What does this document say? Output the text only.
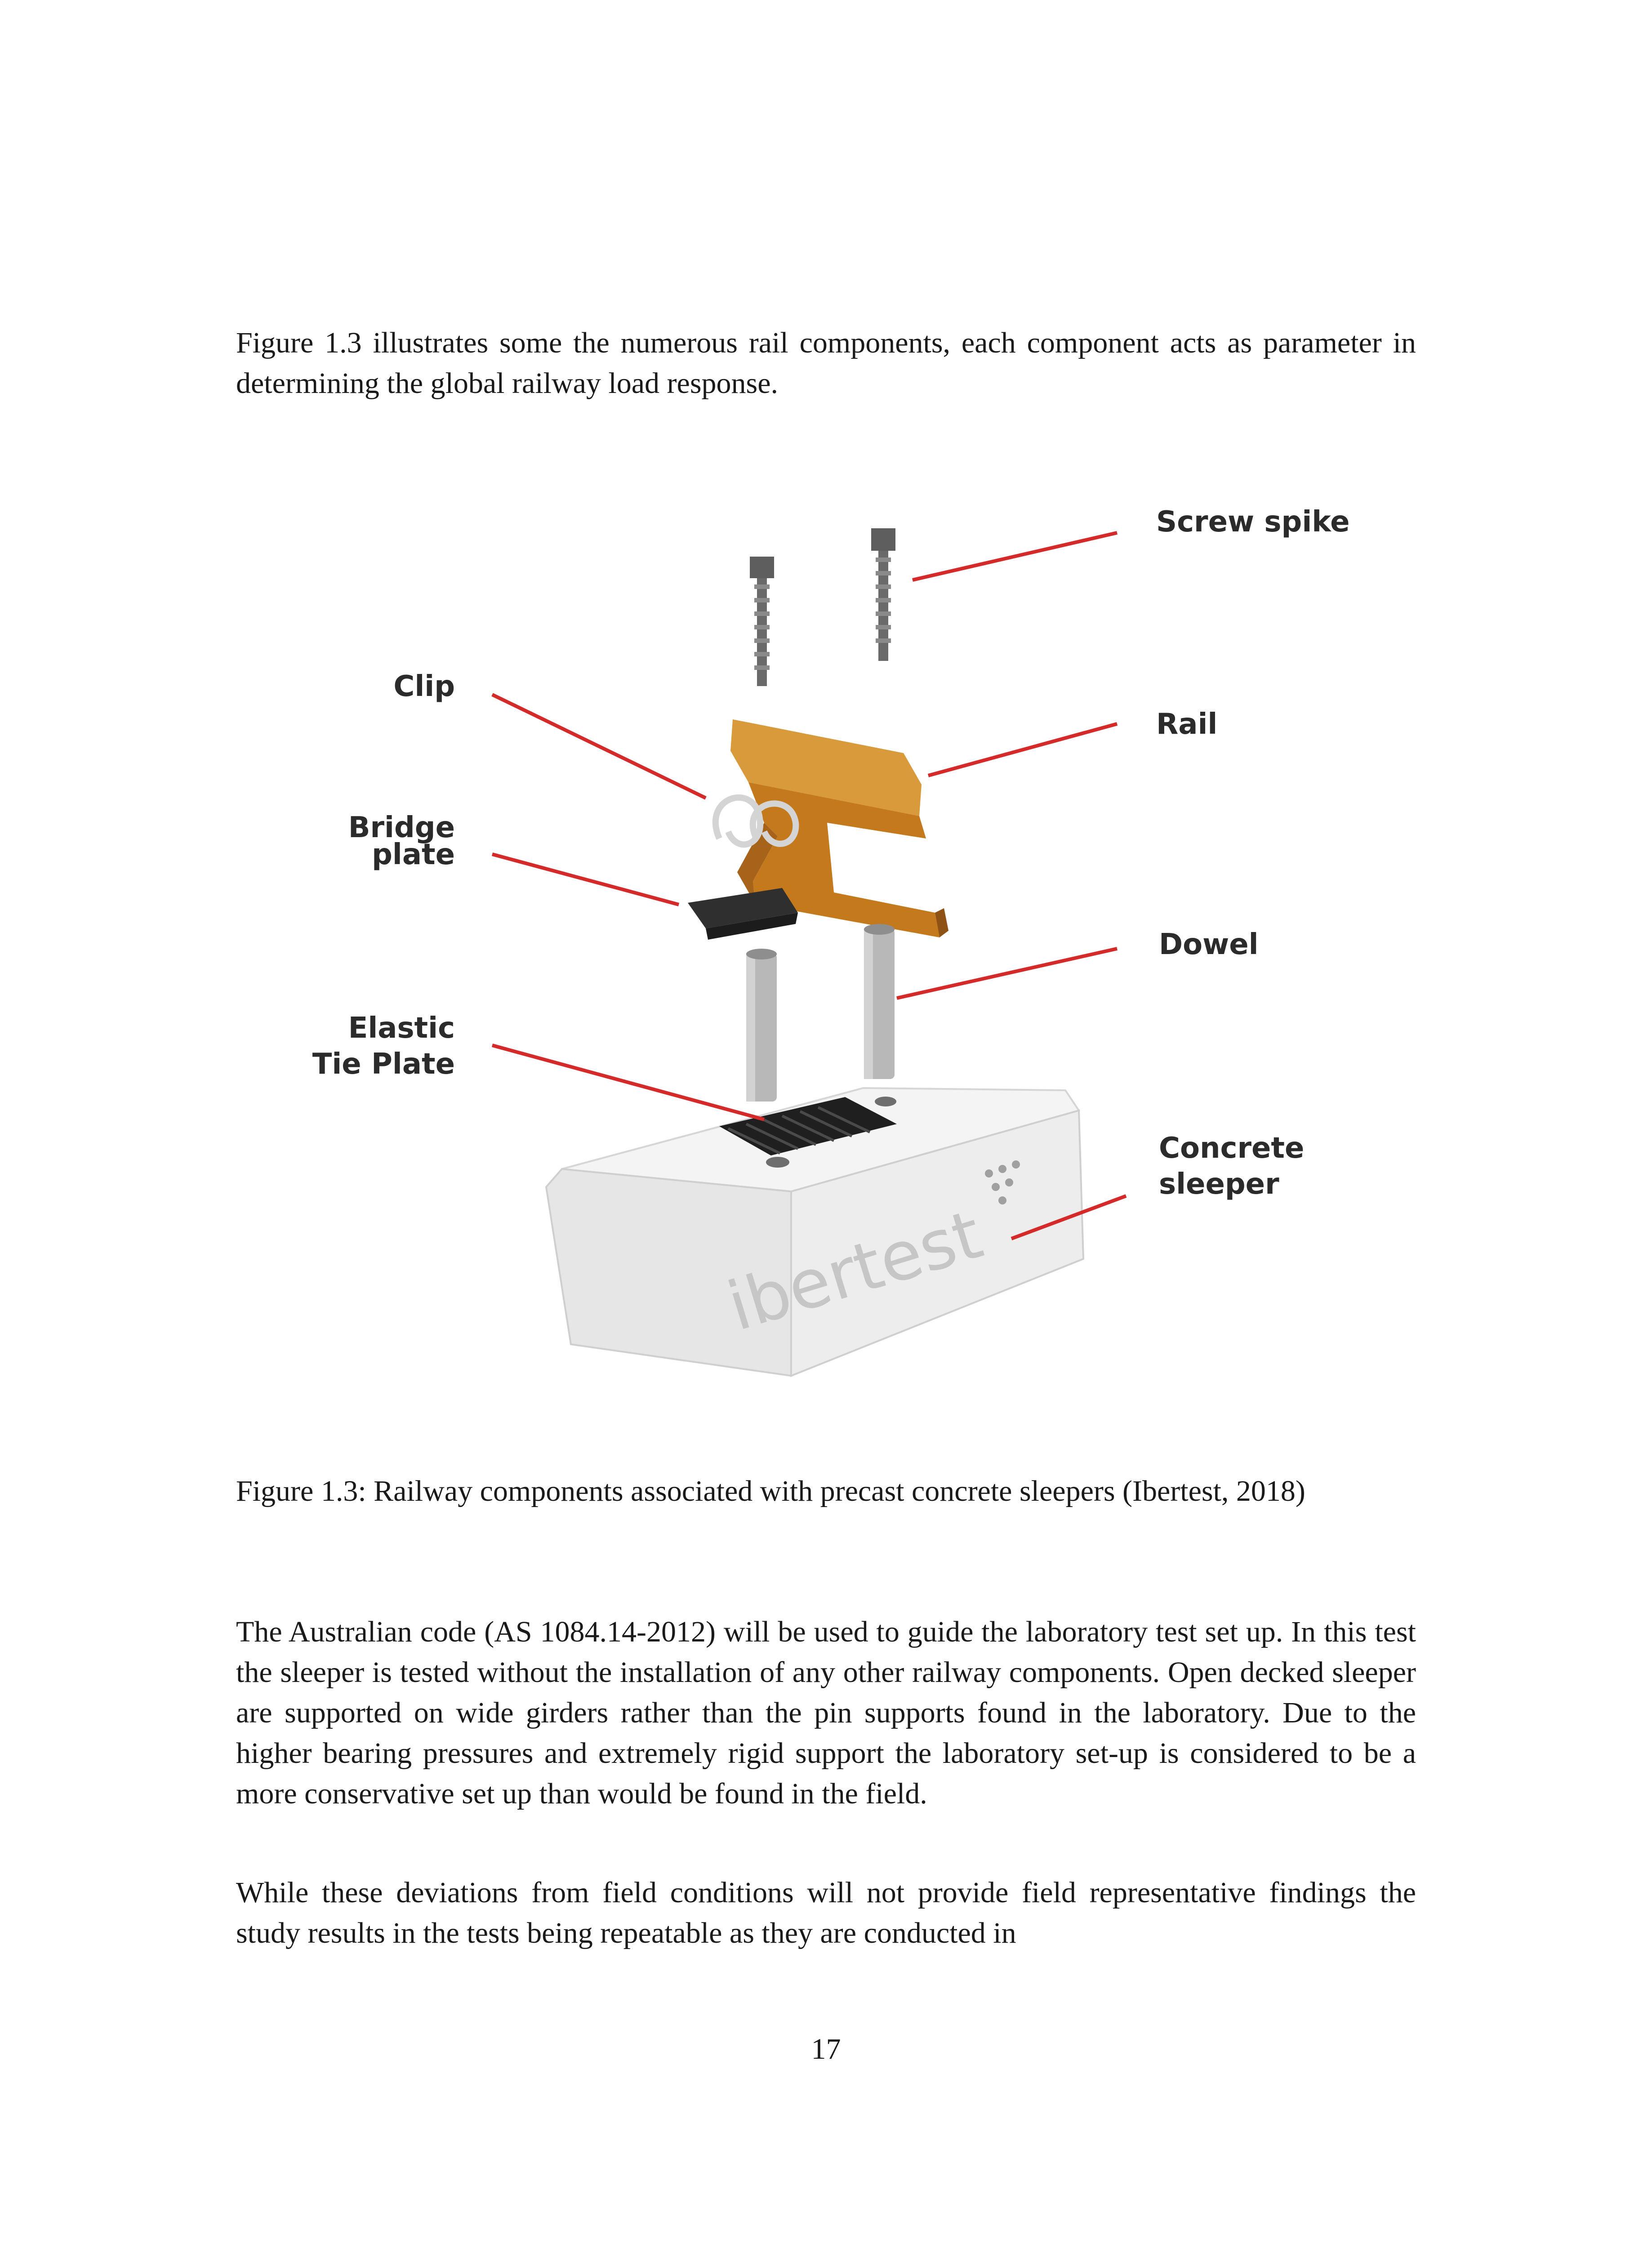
Figure 1.3 illustrates some the numerous rail components, each component acts as parameter in determining the global railway load response.

ibertest
Screw spike
Clip
Rail
Bridge
plate
Dowel
Elastic
Tie Plate
Concrete
sleeper

Figure 1.3: Railway components associated with precast concrete sleepers (Ibertest, 2018)

The Australian code (AS 1084.14-2012) will be used to guide the laboratory test set up. In this test the sleeper is tested without the installation of any other railway components. Open decked sleeper are supported on wide girders rather than the pin supports found in the laboratory. Due to the higher bearing pressures and extremely rigid support the laboratory set-up is considered to be a more conservative set up than would be found in the field.

While these deviations from field conditions will not provide field representative findings the study results in the tests being repeatable as they are conducted in

17
